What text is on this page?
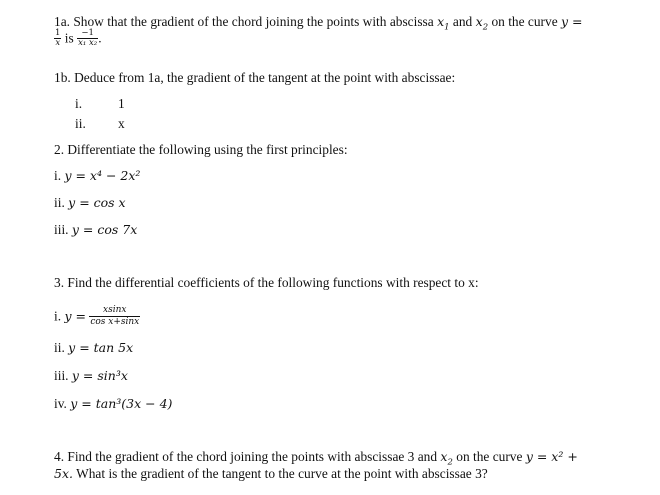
1a. Show that the gradient of the chord joining the points with abscissa $x_1$ and $x_2$ on the curve y =
$\frac{1}{x}$ is $\frac{-1}{\text{x₁ x₂}}$ .
1b. Deduce from 1a, the gradient of the tangent at the point with abscissae:
i.	1
ii. x
2. Differentiate the following using the first principles:
i. y = x⁴ − 2x²
ii. y = cos x
iii. y = cos 7x
3. Find the differential coefficients of the following functions with respect to x:
i. $y = \frac{xsinx}{\text{cos x+sinx}}$
ii. y = tan 5x
iii. y = sin³x
iv. y = tan³(3x − 4)
4. Find the gradient of the chord joining the points with abscissae 3 and $x_2$ on the curve y = x² +
5x. What is the gradient of the tangent to the curve at the point with abscissae 3?
